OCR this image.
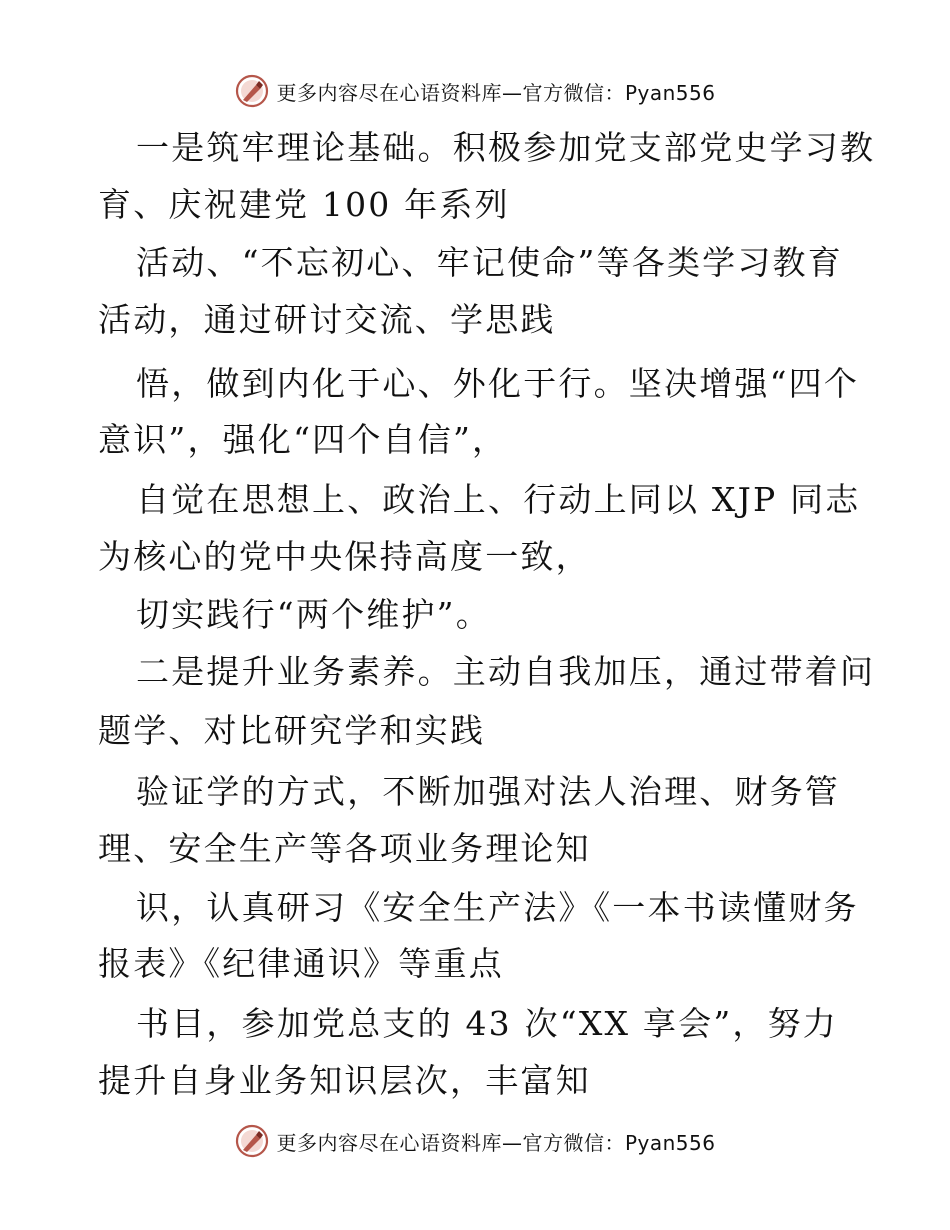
更多内容尽在心语资料库—官方微信：Pyan556
一是筑牢理论基础。积极参加党支部党史学习教
育、庆祝建党 100 年系列
活动、“不忘初心、牢记使命”等各类学习教育
活动，通过研讨交流、学思践
悟，做到内化于心、外化于行。坚决增强“四个
意识”，强化“四个自信”，
自觉在思想上、政治上、行动上同以 XJP 同志
为核心的党中央保持高度一致，
切实践行“两个维护”。
二是提升业务素养。主动自我加压，通过带着问
题学、对比研究学和实践
验证学的方式，不断加强对法人治理、财务管
理、安全生产等各项业务理论知
识，认真研习《安全生产法》《一本书读懂财务
报表》《纪律通识》等重点
书目，参加党总支的 43 次“XX 享会”，努力
提升自身业务知识层次，丰富知
更多内容尽在心语资料库—官方微信：Pyan556
